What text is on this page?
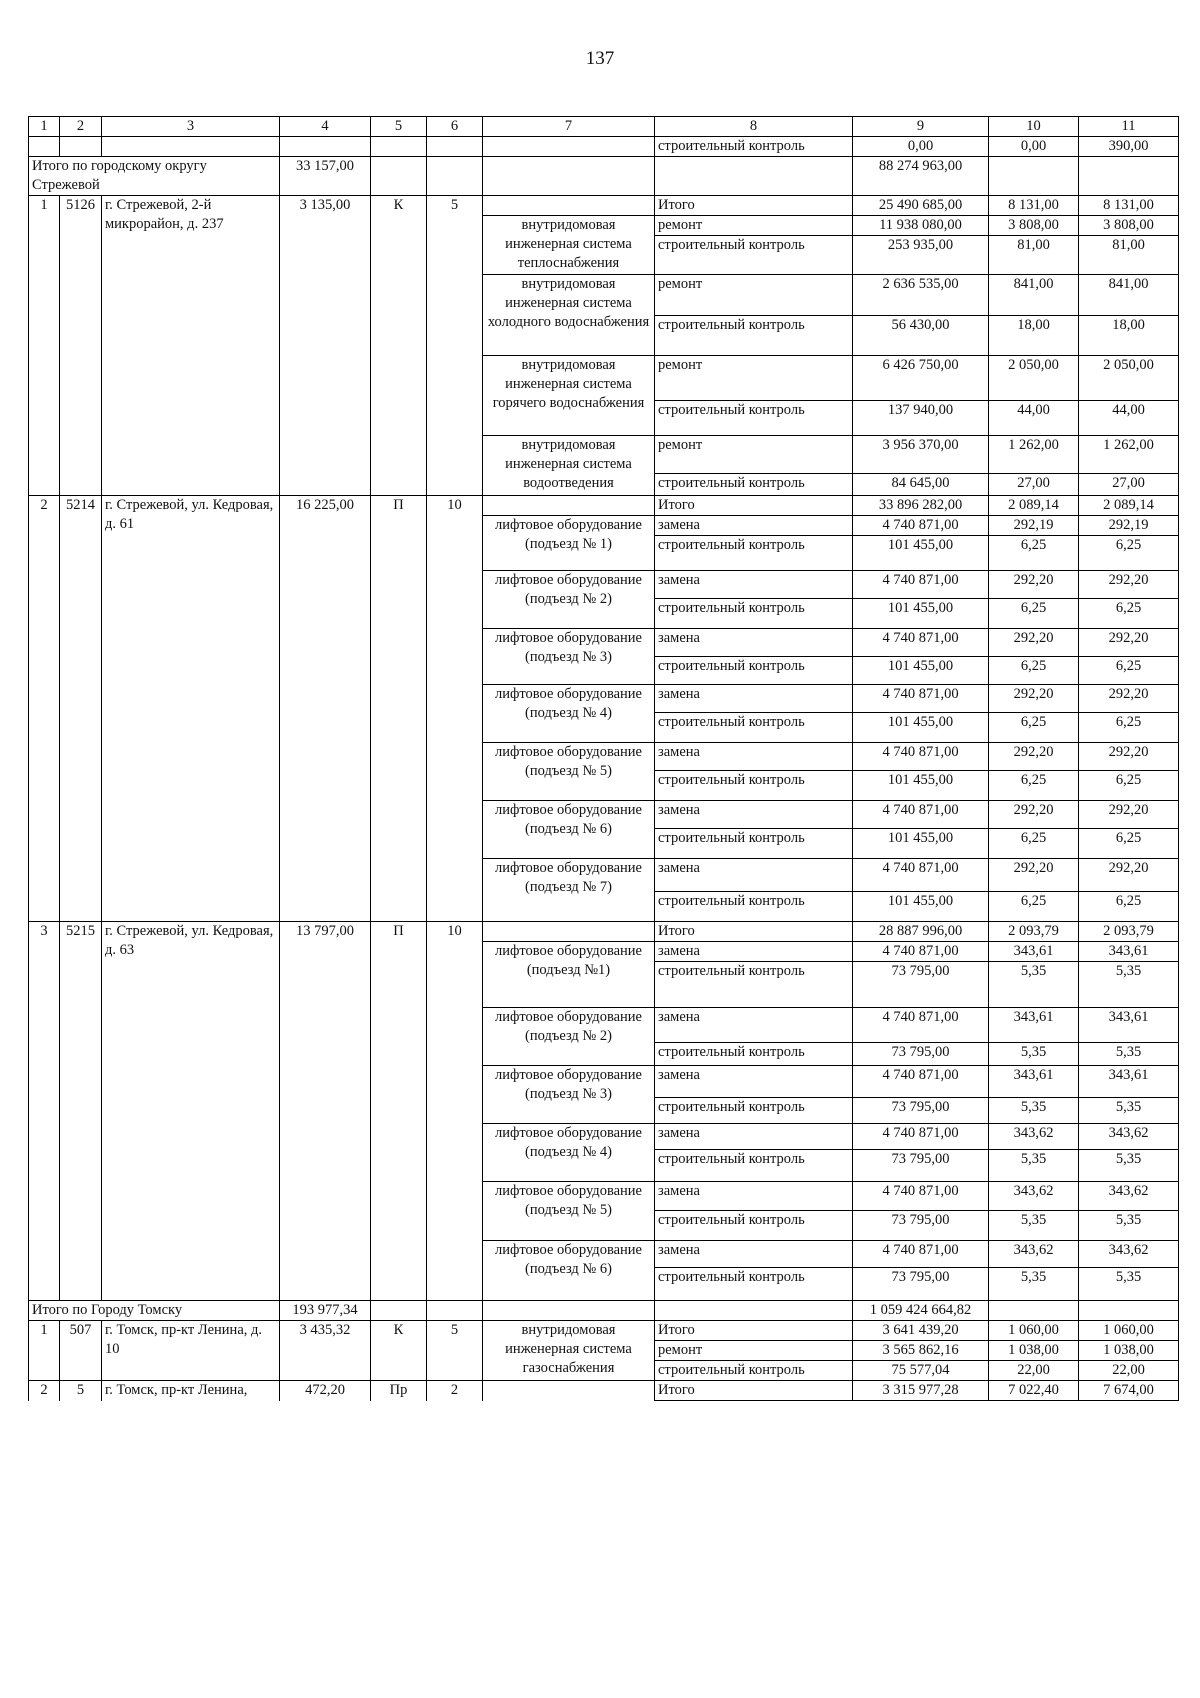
137
1	2	3	4	5	6	7	8	9	10	11
							строительный контроль	0,00	0,00	390,00
Итого по городскому округу Стрежевой			33 157,00					88 274 963,00		
1	5126	г. Стрежевой, 2-й микрорайон, д. 237	3 135,00	К	5		Итого	25 490 685,00	8 131,00	8 131,00
						внутридомовая инженерная система теплоснабжения	ремонт	11 938 080,00	3 808,00	3 808,00
							строительный контроль	253 935,00	81,00	81,00
						внутридомовая инженерная система холодного водоснабжения	ремонт	2 636 535,00	841,00	841,00
							строительный контроль	56 430,00	18,00	18,00
						внутридомовая инженерная система горячего водоснабжения	ремонт	6 426 750,00	2 050,00	2 050,00
							строительный контроль	137 940,00	44,00	44,00
						внутридомовая инженерная система водоотведения	ремонт	3 956 370,00	1 262,00	1 262,00
							строительный контроль	84 645,00	27,00	27,00
2	5214	г. Стрежевой, ул. Кедровая, д. 61	16 225,00	П	10		Итого	33 896 282,00	2 089,14	2 089,14
						лифтовое оборудование (подъезд № 1)	замена	4 740 871,00	292,19	292,19
							строительный контроль	101 455,00	6,25	6,25
						лифтовое оборудование (подъезд № 2)	замена	4 740 871,00	292,20	292,20
							строительный контроль	101 455,00	6,25	6,25
						лифтовое оборудование (подъезд № 3)	замена	4 740 871,00	292,20	292,20
							строительный контроль	101 455,00	6,25	6,25
						лифтовое оборудование (подъезд № 4)	замена	4 740 871,00	292,20	292,20
							строительный контроль	101 455,00	6,25	6,25
						лифтовое оборудование (подъезд № 5)	замена	4 740 871,00	292,20	292,20
							строительный контроль	101 455,00	6,25	6,25
						лифтовое оборудование (подъезд № 6)	замена	4 740 871,00	292,20	292,20
							строительный контроль	101 455,00	6,25	6,25
						лифтовое оборудование (подъезд № 7)	замена	4 740 871,00	292,20	292,20
							строительный контроль	101 455,00	6,25	6,25
3	5215	г. Стрежевой, ул. Кедровая, д. 63	13 797,00	П	10		Итого	28 887 996,00	2 093,79	2 093,79
						лифтовое оборудование (подъезд №1)	замена	4 740 871,00	343,61	343,61
							строительный контроль	73 795,00	5,35	5,35
						лифтовое оборудование (подъезд № 2)	замена	4 740 871,00	343,61	343,61
							строительный контроль	73 795,00	5,35	5,35
						лифтовое оборудование (подъезд № 3)	замена	4 740 871,00	343,61	343,61
							строительный контроль	73 795,00	5,35	5,35
						лифтовое оборудование (подъезд № 4)	замена	4 740 871,00	343,62	343,62
							строительный контроль	73 795,00	5,35	5,35
						лифтовое оборудование (подъезд № 5)	замена	4 740 871,00	343,62	343,62
							строительный контроль	73 795,00	5,35	5,35
						лифтовое оборудование (подъезд № 6)	замена	4 740 871,00	343,62	343,62
							строительный контроль	73 795,00	5,35	5,35
Итого по Городу Томску			193 977,34					1 059 424 664,82		
1	507	г. Томск, пр-кт Ленина, д. 10	3 435,32	К	5	внутридомовая инженерная система газоснабжения	Итого	3 641 439,20	1 060,00	1 060,00
							ремонт	3 565 862,16	1 038,00	1 038,00
							строительный контроль	75 577,04	22,00	22,00
2	5	г. Томск, пр-кт Ленина,	472,20	Пр	2		Итого	3 315 977,28	7 022,40	7 674,00
